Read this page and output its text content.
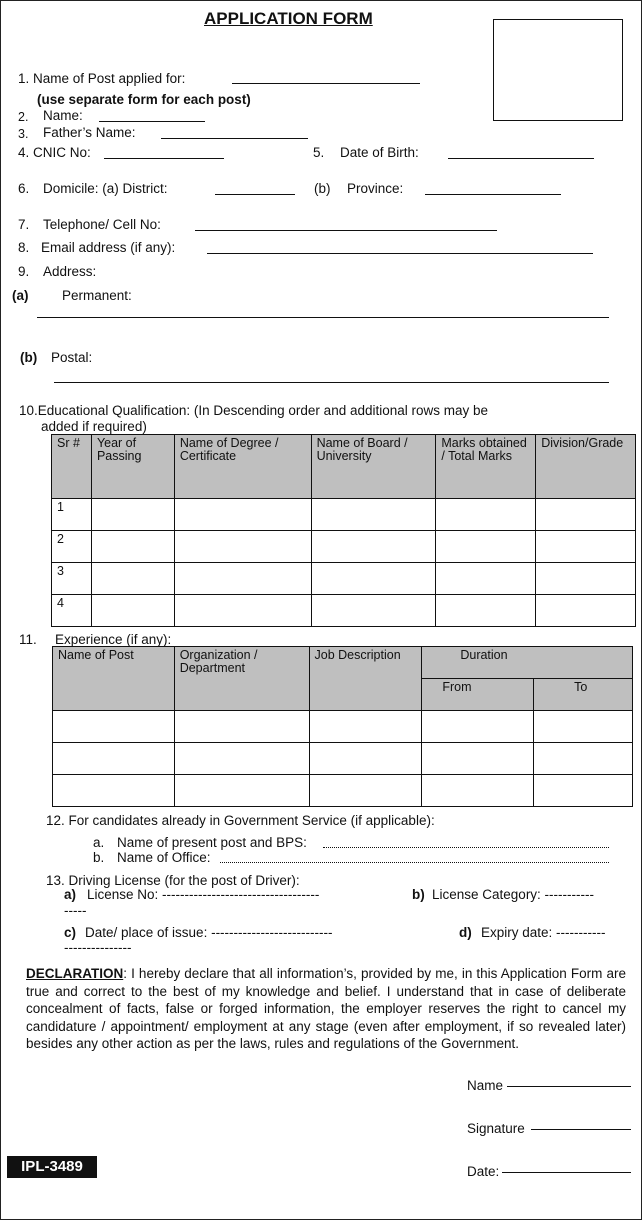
APPLICATION FORM
1. Name of Post applied for:
(use separate form for each post)
2. Name:
3. Father’s Name:
4. CNIC No:	5. Date of Birth:
6. Domicile: (a) District:	(b) Province:
7. Telephone/ Cell No:
8. Email address (if any):
9. Address:
(a) Permanent:
(b) Postal:
10.Educational Qualification: (In Descending order and additional rows may be
added if required)
Sr #	Year of Passing	Name of Degree / Certificate	Name of Board / University	Marks obtained / Total Marks	Division/Grade
1					
2					
3					
4					
11. Experience (if any):
Name of Post	Organization / Department	Job Description	Duration	
			From	To

12. For candidates already in Government Service (if applicable):
a. Name of present post and BPS:
b. Name of Office:
13. Driving License (for the post of Driver):
a) License No: -----------------------------------	b) License Category: -----------
-----
c) Date/ place of issue: ---------------------------	d) Expiry date: -----------
---------------
DECLARATION: I hereby declare that all information’s, provided by me, in this Application Form are true and correct to the best of my knowledge and belief. I understand that in case of deliberate concealment of facts, false or forged information, the employer reserves the right to cancel my candidature / appointment/ employment at any stage (even after employment, if so revealed later) besides any other action as per the laws, rules and regulations of the Government.
Name
Signature
Date:
IPL-3489
